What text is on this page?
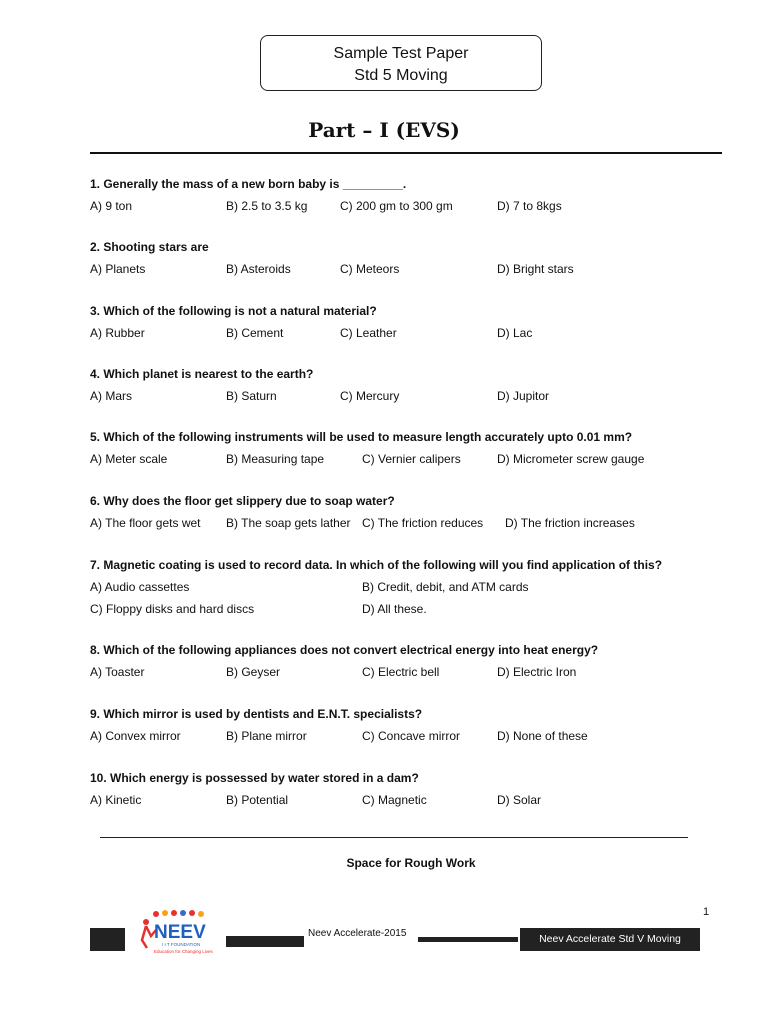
Sample Test Paper
Std 5 Moving
Part – I (EVS)
1. Generally the mass of a new born baby is _________.
A) 9 ton	B) 2.5 to 3.5 kg	C) 200 gm to 300 gm	D) 7 to 8kgs
2. Shooting stars are
A) Planets	B) Asteroids	C) Meteors	D) Bright stars
3. Which of the following is not a natural material?
A) Rubber	B) Cement	C) Leather	D) Lac
4. Which planet is nearest to the earth?
A) Mars	B) Saturn	C) Mercury	D) Jupitor
5. Which of the following instruments will be used to measure length accurately upto 0.01 mm?
A) Meter scale	B) Measuring tape	C) Vernier calipers	D) Micrometer screw gauge
6. Why does the floor get slippery due to soap water?
A) The floor gets wet B) The soap gets lather C) The friction reduces D) The friction increases
7. Magnetic coating is used to record data. In which of the following will you find application of this?
A) Audio cassettes	B) Credit, debit, and ATM cards
C) Floppy disks and hard discs	D) All these.
8. Which of the following appliances does not convert electrical energy into heat energy?
A) Toaster	B) Geyser	C) Electric bell	D) Electric Iron
9. Which mirror is used by dentists and E.N.T. specialists?
A) Convex mirror	B) Plane mirror	C) Concave mirror	D) None of these
10. Which energy is possessed by water stored in a dam?
A) Kinetic	B) Potential	C) Magnetic	D) Solar
Space for Rough Work
1
NEEV
I I T FOUNDATION
Education for Changing Lives
Neev Accelerate-2015	Neev Accelerate Std V Moving
